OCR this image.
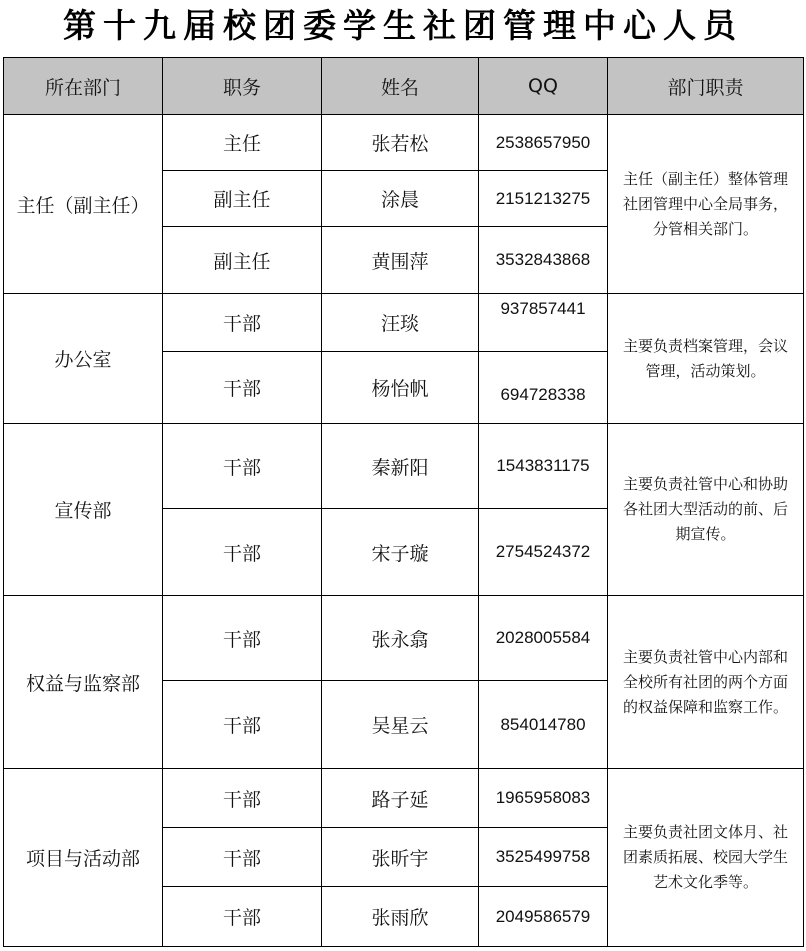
第十九届校团委学生社团管理中心人员
所在部门	职务	姓名	QQ	部门职责
主任（副主任）	主任	张若松	2538657950	主任（副主任）整体管理社团管理中心全局事务，分管相关部门。
	副主任	涂晨	2151213275	
	副主任	黄围萍	3532843868	
办公室	干部	汪琰	937857441	主要负责档案管理，会议管理，活动策划。
	干部	杨怡帆	694728338	
宣传部	干部	秦新阳	1543831175	主要负责社管中心和协助各社团大型活动的前、后期宣传。
	干部	宋子璇	2754524372	
权益与监察部	干部	张永翕	2028005584	主要负责社管中心内部和全校所有社团的两个方面的权益保障和监察工作。
	干部	吴星云	854014780	
项目与活动部	干部	路子延	1965958083	主要负责社团文体月、社团素质拓展、校园大学生艺术文化季等。
	干部	张昕宇	3525499758	
	干部	张雨欣	2049586579	
